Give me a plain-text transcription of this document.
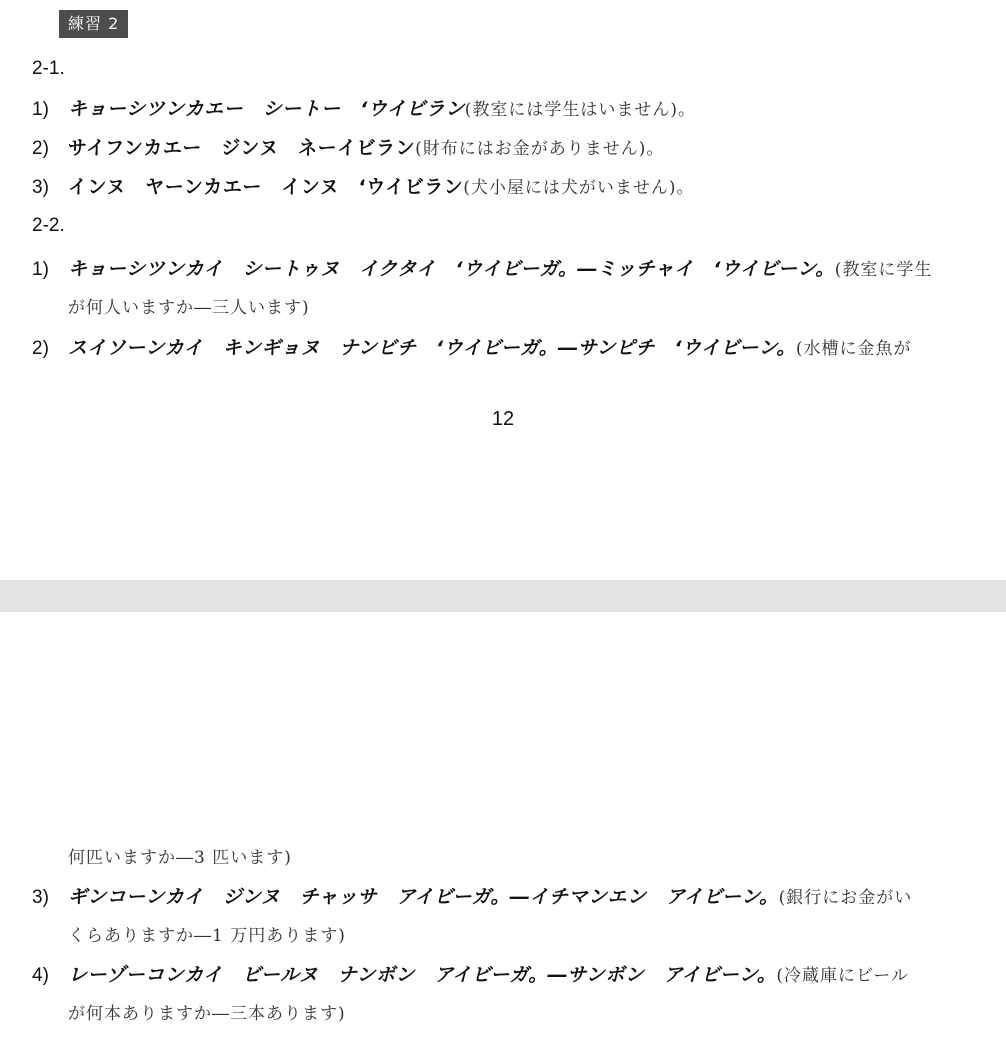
練習 2
2-1.
1) キョーシツンカエー　シートー　‘ウイビラン(教室には学生はいません)。
2) サイフンカエー　ジンヌ　ネーイビラン(財布にはお金がありません)。
3) インヌ　ヤーンカエー　インヌ　‘ウイビラン(犬小屋には犬がいません)。
2-2.
1) キョーシツンカイ　シートゥヌ　イクタイ　‘ウイビーガ。―ミッチャイ　‘ウイビーン。(教室に学生
が何人いますか―三人います)
2) スイソーンカイ　キンギョヌ　ナンビチ　‘ウイビーガ。―サンピチ　‘ウイビーン。(水槽に金魚が
12
何匹いますか―3 匹います)
3) ギンコーンカイ　ジンヌ　チャッサ　アイビーガ。―イチマンエン　アイビーン。(銀行にお金がい
くらありますか―1 万円あります)
4) レーゾーコンカイ　ビールヌ　ナンボン　アイビーガ。―サンボン　アイビーン。(冷蔵庫にビール
が何本ありますか―三本あります)
